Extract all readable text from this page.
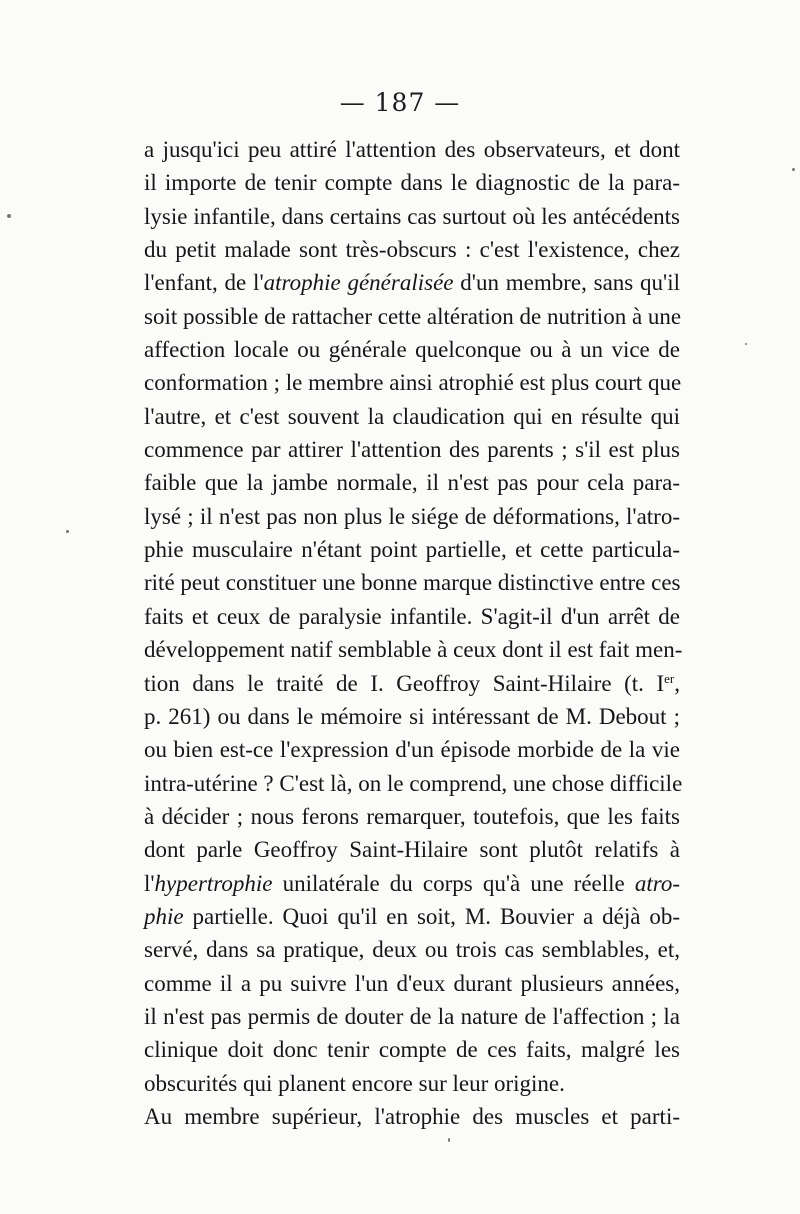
— 187 —
a jusqu'ici peu attiré l'attention des observateurs, et dont
il importe de tenir compte dans le diagnostic de la para-
lysie infantile, dans certains cas surtout où les antécédents
du petit malade sont très-obscurs : c'est l'existence, chez
l'enfant, de l'atrophie généralisée d'un membre, sans qu'il
soit possible de rattacher cette altération de nutrition à une
affection locale ou générale quelconque ou à un vice de
conformation ; le membre ainsi atrophié est plus court que
l'autre, et c'est souvent la claudication qui en résulte qui
commence par attirer l'attention des parents ; s'il est plus
faible que la jambe normale, il n'est pas pour cela para-
lysé ; il n'est pas non plus le siége de déformations, l'atro-
phie musculaire n'étant point partielle, et cette particula-
rité peut constituer une bonne marque distinctive entre ces
faits et ceux de paralysie infantile. S'agit-il d'un arrêt de
développement natif semblable à ceux dont il est fait men-
tion dans le traité de I. Geoffroy Saint-Hilaire (t. Ier,
p. 261) ou dans le mémoire si intéressant de M. Debout ;
ou bien est-ce l'expression d'un épisode morbide de la vie
intra-utérine ? C'est là, on le comprend, une chose difficile
à décider ; nous ferons remarquer, toutefois, que les faits
dont parle Geoffroy Saint-Hilaire sont plutôt relatifs à
l'hypertrophie unilatérale du corps qu'à une réelle atro-
phie partielle. Quoi qu'il en soit, M. Bouvier a déjà ob-
servé, dans sa pratique, deux ou trois cas semblables, et,
comme il a pu suivre l'un d'eux durant plusieurs années,
il n'est pas permis de douter de la nature de l'affection ; la
clinique doit donc tenir compte de ces faits, malgré les
obscurités qui planent encore sur leur origine.
Au membre supérieur, l'atrophie des muscles et parti-
